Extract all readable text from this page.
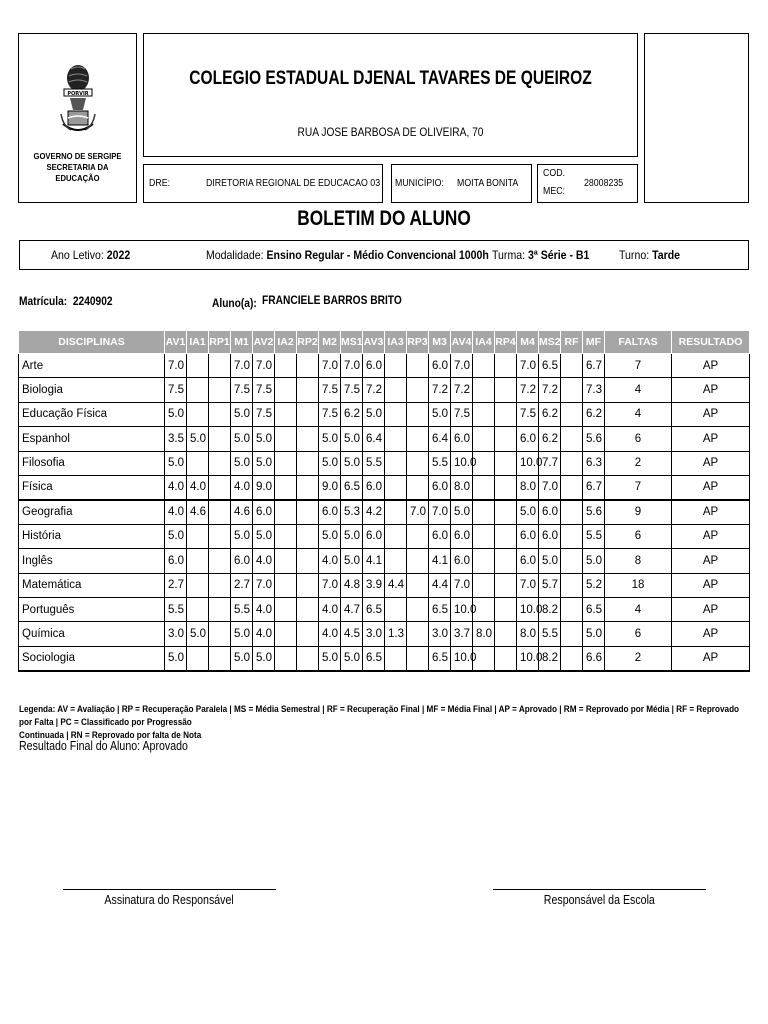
PORVIR
GOVERNO DE SERGIPE
SECRETARIA DA EDUCAÇÃO
COLEGIO ESTADUAL DJENAL TAVARES DE QUEIROZ
RUA JOSE BARBOSA DE OLIVEIRA, 70
DRE:	DIRETORIA REGIONAL DE EDUCACAO 03 MUNICÍPIO: MOITA BONITA
COD.
MEC:
28008235
BOLETIM DO ALUNO
Ano Letivo: 2022	Modalidade: Ensino Regular - Médio Convencional 1000h Turma: 3ª Série - B1 Turno: Tarde
Matrícula: 2240902	Aluno(a): FRANCIELE BARROS BRITO
DISCIPLINAS	AV1	IA1	RP1	M1	AV2	IA2	RP2	M2	MS1	AV3	IA3	RP3	M3	AV4	IA4	RP4	M4	MS2	RF	MF	FALTAS	RESULTADO
Arte	7.0			7.0	7.0			7.0	7.0	6.0			6.0	7.0			7.0	6.5		6.7	7	AP
Biologia	7.5			7.5	7.5			7.5	7.5	7.2			7.2	7.2			7.2	7.2		7.3	4	AP
Educação Física	5.0			5.0	7.5			7.5	6.2	5.0			5.0	7.5			7.5	6.2		6.2	4	AP
Espanhol	3.5	5.0		5.0	5.0			5.0	5.0	6.4			6.4	6.0			6.0	6.2		5.6	6	AP
Filosofia	5.0			5.0	5.0			5.0	5.0	5.5			5.5	10.0			10.0	7.7		6.3	2	AP
Física	4.0	4.0		4.0	9.0			9.0	6.5	6.0			6.0	8.0			8.0	7.0		6.7	7	AP
Geografia	4.0	4.6		4.6	6.0			6.0	5.3	4.2		7.0	7.0	5.0			5.0	6.0		5.6	9	AP
História	5.0			5.0	5.0			5.0	5.0	6.0			6.0	6.0			6.0	6.0		5.5	6	AP
Inglês	6.0			6.0	4.0			4.0	5.0	4.1			4.1	6.0			6.0	5.0		5.0	8	AP
Matemática	2.7			2.7	7.0			7.0	4.8	3.9	4.4		4.4	7.0			7.0	5.7		5.2	18	AP
Português	5.5			5.5	4.0			4.0	4.7	6.5			6.5	10.0			10.0	8.2		6.5	4	AP
Química	3.0	5.0		5.0	4.0			4.0	4.5	3.0	1.3		3.0	3.7	8.0		8.0	5.5		5.0	6	AP
Sociologia	5.0			5.0	5.0			5.0	5.0	6.5			6.5	10.0			10.0	8.2		6.6	2	AP
Legenda: AV = Avaliação | RP = Recuperação Paralela | MS = Média Semestral | RF = Recuperação Final | MF = Média Final | AP = Aprovado | RM = Reprovado por Média | RF = Reprovado por Falta | PC = Classificado por Progressão
Continuada | RN = Reprovado por falta de Nota
Resultado Final do Aluno: Aprovado
Assinatura do Responsável	Responsável da Escola
